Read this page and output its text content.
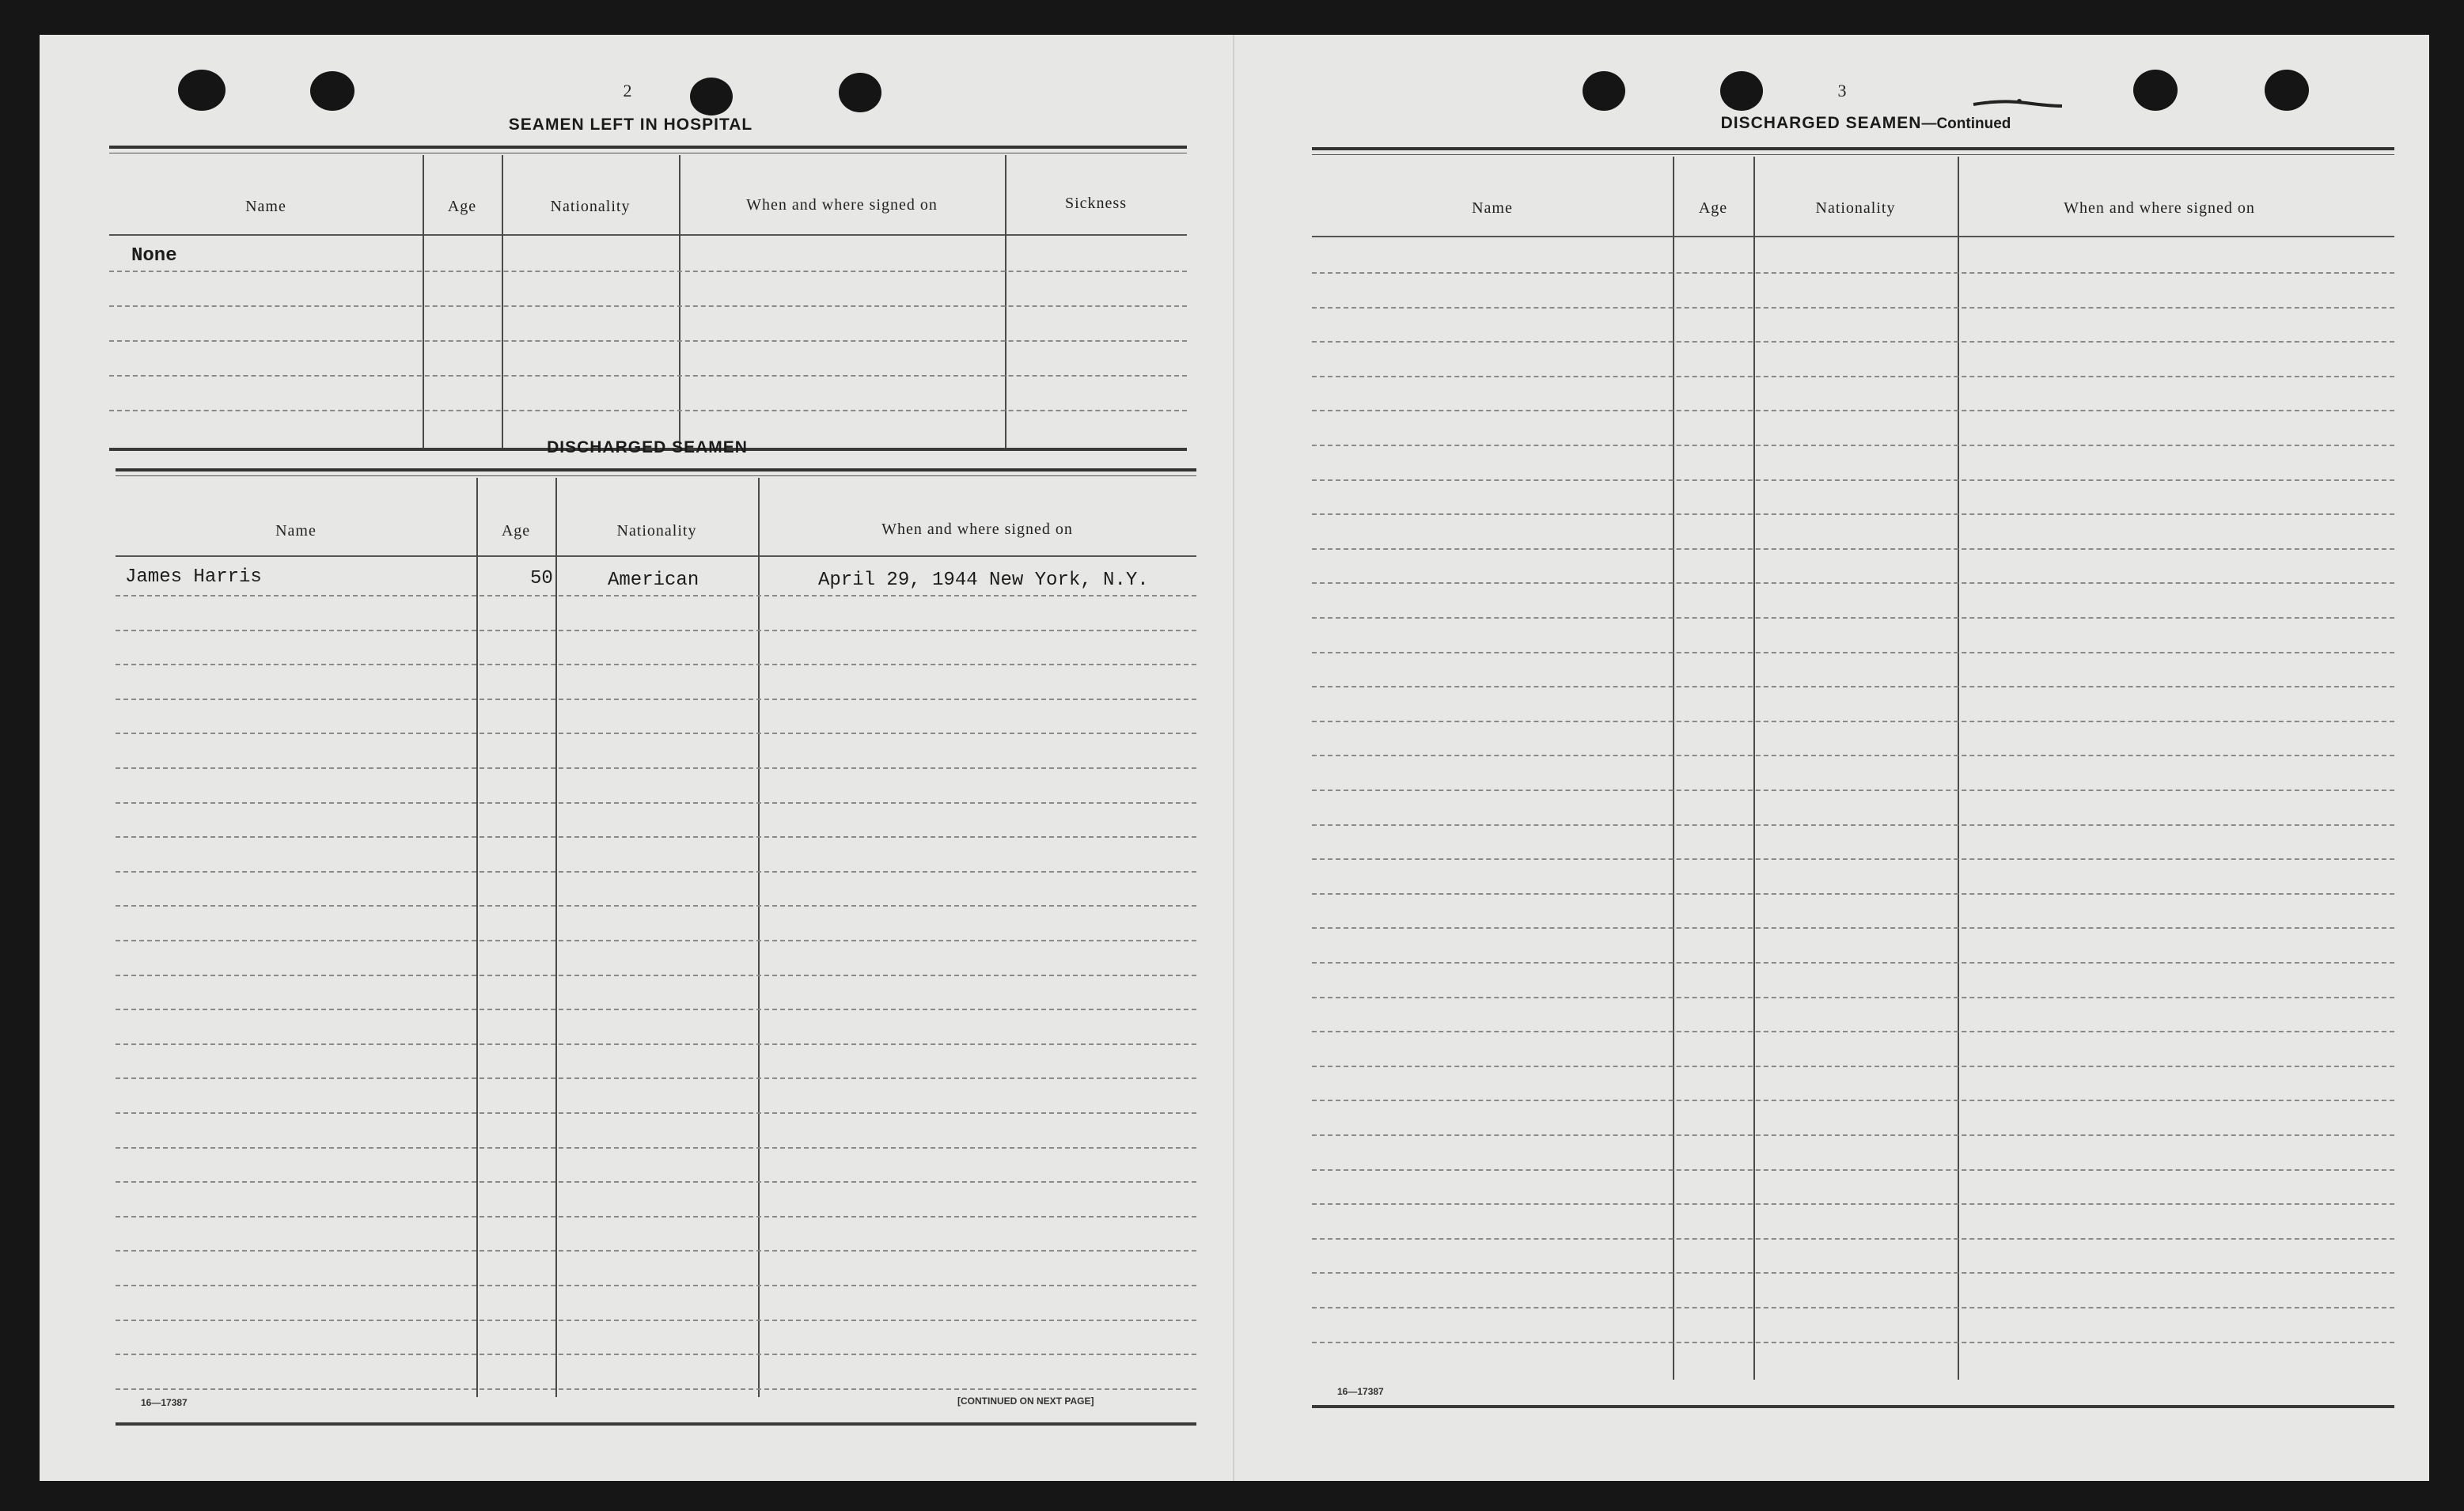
2
SEAMEN LEFT IN HOSPITAL
Name	Age	Nationality	When and where signed on	Sickness
None
DISCHARGED SEAMEN
Name	Age	Nationality	When and where signed on
James Harris	50	American	April 29, 1944 New York, N.Y.
16—17387	[CONTINUED ON NEXT PAGE]
3
DISCHARGED SEAMEN—Continued
Name	Age	Nationality	When and where signed on
16—17387
